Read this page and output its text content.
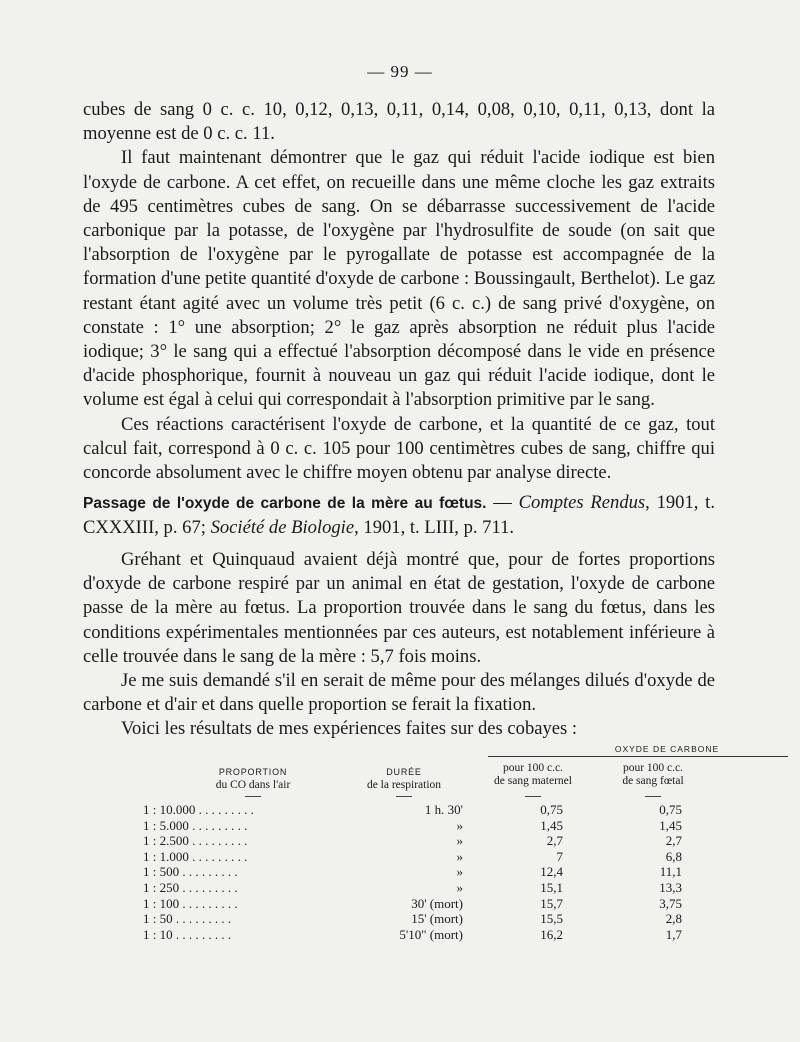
— 99 —

cubes de sang 0 c. c. 10, 0,12, 0,13, 0,11, 0,14, 0,08, 0,10, 0,11, 0,13, dont la moyenne est de 0 c. c. 11.

Il faut maintenant démontrer que le gaz qui réduit l'acide iodique est bien l'oxyde de carbone. A cet effet, on recueille dans une même cloche les gaz extraits de 495 centimètres cubes de sang. On se débarrasse successivement de l'acide carbonique par la potasse, de l'oxygène par l'hydrosulfite de soude (on sait que l'absorption de l'oxygène par le pyrogallate de potasse est accompagnée de la formation d'une petite quantité d'oxyde de carbone : Boussingault, Berthelot). Le gaz restant étant agité avec un volume très petit (6 c. c.) de sang privé d'oxygène, on constate : 1° une absorption; 2° le gaz après absorption ne réduit plus l'acide iodique; 3° le sang qui a effectué l'absorption décomposé dans le vide en présence d'acide phosphorique, fournit à nouveau un gaz qui réduit l'acide iodique, dont le volume est égal à celui qui correspondait à l'absorption primitive par le sang.

Ces réactions caractérisent l'oxyde de carbone, et la quantité de ce gaz, tout calcul fait, correspond à 0 c. c. 105 pour 100 centimètres cubes de sang, chiffre qui concorde absolument avec le chiffre moyen obtenu par analyse directe.

Passage de l'oxyde de carbone de la mère au fœtus. — Comptes Rendus, 1901, t. CXXXIII, p. 67; Société de Biologie, 1901, t. LIII, p. 711.

Gréhant et Quinquaud avaient déjà montré que, pour de fortes proportions d'oxyde de carbone respiré par un animal en état de gestation, l'oxyde de carbone passe de la mère au fœtus. La proportion trouvée dans le sang du fœtus, dans les conditions expérimentales mentionnées par ces auteurs, est notablement inférieure à celle trouvée dans le sang de la mère : 5,7 fois moins.

Je me suis demandé s'il en serait de même pour des mélanges dilués d'oxyde de carbone et d'air et dans quelle proportion se ferait la fixation.

Voici les résultats de mes expériences faites sur des cobayes :

OXYDE DE CARBONE
PROPORTION
du CO dans l'air
DURÉE
de la respiration
pour 100 c.c.
de sang maternel
pour 100 c.c.
de sang fœtal
1 : 10.000 . . . . . . . . .	1 h. 30'	0,75	0,75
1 : 5.000 . . . . . . . . .	»	1,45	1,45
1 : 2.500 . . . . . . . . .	»	2,7	2,7
1 : 1.000 . . . . . . . . .	»	7	6,8
1 : 500 . . . . . . . . .	»	12,4	11,1
1 : 250 . . . . . . . . .	»	15,1	13,3
1 : 100 . . . . . . . . .	30' (mort)	15,7	3,75
1 : 50 . . . . . . . . .	15' (mort)	15,5	2,8
1 : 10 . . . . . . . . .	5'10" (mort)	16,2	1,7
